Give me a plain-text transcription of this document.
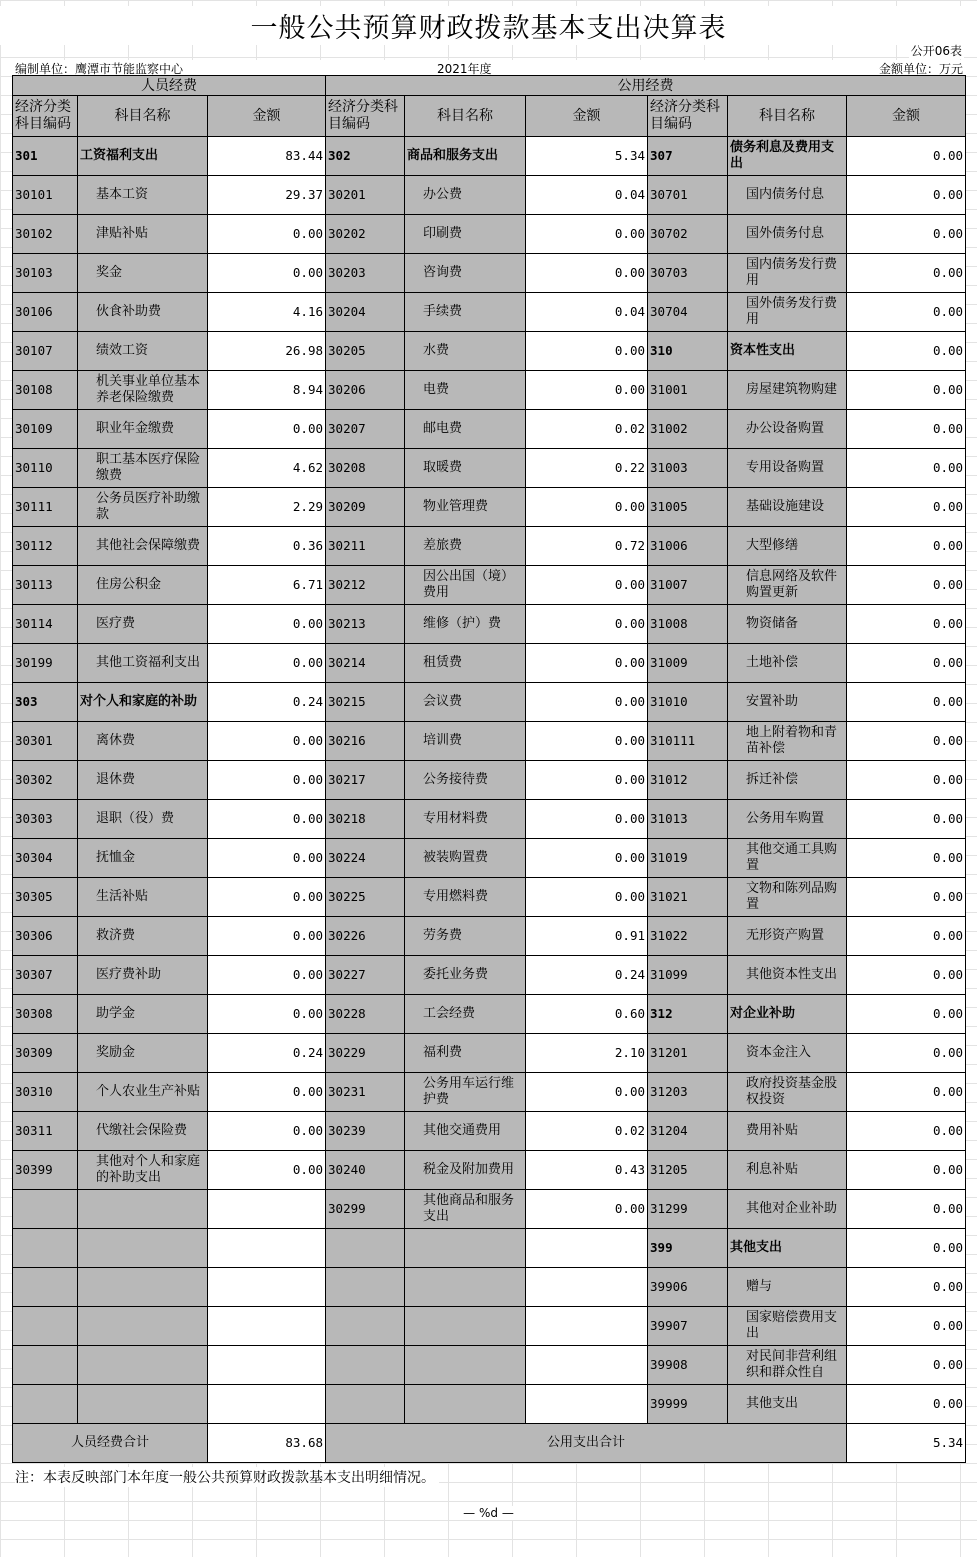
一般公共预算财政拨款基本支出决算表
公开06表
编制单位：鹰潭市节能监察中心	2021年度	金额单位：万元
人员经费			公用经费					
经济分类科目编码	科目名称	金额	经济分类科目编码	科目名称	金额	经济分类科目编码	科目名称	金额
301	工资福利支出	83.44	302	商品和服务支出	5.34	307	债务利息及费用支出	0.00
30101	基本工资	29.37	30201	办公费	0.04	30701	国内债务付息	0.00
30102	津贴补贴	0.00	30202	印刷费	0.00	30702	国外债务付息	0.00
30103	奖金	0.00	30203	咨询费	0.00	30703	国内债务发行费用	0.00
30106	伙食补助费	4.16	30204	手续费	0.04	30704	国外债务发行费用	0.00
30107	绩效工资	26.98	30205	水费	0.00	310	资本性支出	0.00
30108	机关事业单位基本养老保险缴费	8.94	30206	电费	0.00	31001	房屋建筑物购建	0.00
30109	职业年金缴费	0.00	30207	邮电费	0.02	31002	办公设备购置	0.00
30110	职工基本医疗保险缴费	4.62	30208	取暖费	0.22	31003	专用设备购置	0.00
30111	公务员医疗补助缴款	2.29	30209	物业管理费	0.00	31005	基础设施建设	0.00
30112	其他社会保障缴费	0.36	30211	差旅费	0.72	31006	大型修缮	0.00
30113	住房公积金	6.71	30212	因公出国（境）费用	0.00	31007	信息网络及软件购置更新	0.00
30114	医疗费	0.00	30213	维修（护）费	0.00	31008	物资储备	0.00
30199	其他工资福利支出	0.00	30214	租赁费	0.00	31009	土地补偿	0.00
303	对个人和家庭的补助	0.24	30215	会议费	0.00	31010	安置补助	0.00
30301	离休费	0.00	30216	培训费	0.00	310111	地上附着物和青苗补偿	0.00
30302	退休费	0.00	30217	公务接待费	0.00	31012	拆迁补偿	0.00
30303	退职（役）费	0.00	30218	专用材料费	0.00	31013	公务用车购置	0.00
30304	抚恤金	0.00	30224	被装购置费	0.00	31019	其他交通工具购置	0.00
30305	生活补贴	0.00	30225	专用燃料费	0.00	31021	文物和陈列品购置	0.00
30306	救济费	0.00	30226	劳务费	0.91	31022	无形资产购置	0.00
30307	医疗费补助	0.00	30227	委托业务费	0.24	31099	其他资本性支出	0.00
30308	助学金	0.00	30228	工会经费	0.60	312	对企业补助	0.00
30309	奖励金	0.24	30229	福利费	2.10	31201	资本金注入	0.00
30310	个人农业生产补贴	0.00	30231	公务用车运行维护费	0.00	31203	政府投资基金股权投资	0.00
30311	代缴社会保险费	0.00	30239	其他交通费用	0.02	31204	费用补贴	0.00
30399	其他对个人和家庭的补助支出	0.00	30240	税金及附加费用	0.43	31205	利息补贴	0.00
			30299	其他商品和服务支出	0.00	31299	其他对企业补助	0.00
						399	其他支出	0.00
						39906	赠与	0.00
						39907	国家赔偿费用支出	0.00
						39908	对民间非营利组织和群众性自	0.00
						39999	其他支出	0.00
人员经费合计		83.68	公用支出合计					5.34
注：本表反映部门本年度一般公共预算财政拨款基本支出明细情况。
— %d —
